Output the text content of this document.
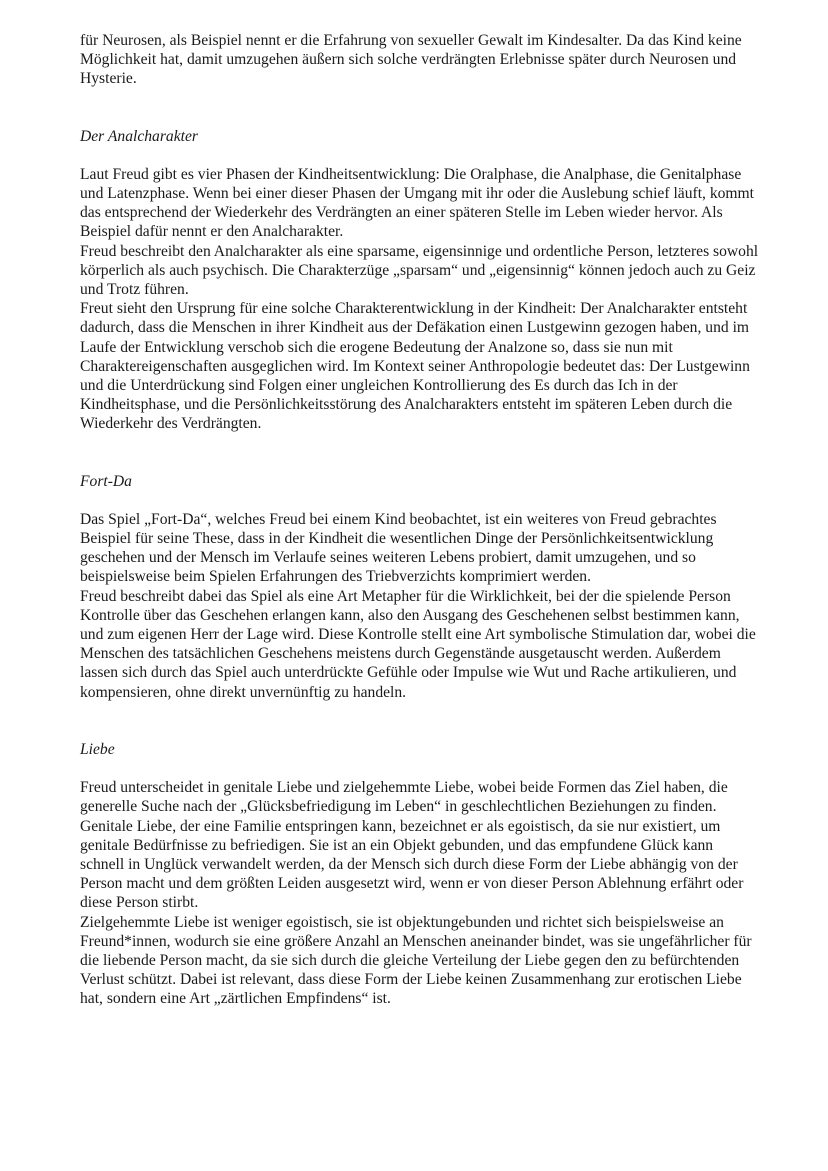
für Neurosen, als Beispiel nennt er die Erfahrung von sexueller Gewalt im Kindesalter. Da das Kind keine Möglichkeit hat, damit umzugehen äußern sich solche verdrängten Erlebnisse später durch Neurosen und Hysterie.

Der Analcharakter

Laut Freud gibt es vier Phasen der Kindheitsentwicklung: Die Oralphase, die Analphase, die Genitalphase und Latenzphase. Wenn bei einer dieser Phasen der Umgang mit ihr oder die Auslebung schief läuft, kommt das entsprechend der Wiederkehr des Verdrängten an einer späteren Stelle im Leben wieder hervor. Als Beispiel dafür nennt er den Analcharakter.

Freud beschreibt den Analcharakter als eine sparsame, eigensinnige und ordentliche Person, letzteres sowohl körperlich als auch psychisch. Die Charakterzüge „sparsam“ und „eigensinnig“ können jedoch auch zu Geiz und Trotz führen.

Freut sieht den Ursprung für eine solche Charakterentwicklung in der Kindheit: Der Analcharakter entsteht dadurch, dass die Menschen in ihrer Kindheit aus der Defäkation einen Lustgewinn gezogen haben, und im Laufe der Entwicklung verschob sich die erogene Bedeutung der Analzone so, dass sie nun mit Charaktereigenschaften ausgeglichen wird. Im Kontext seiner Anthropologie bedeutet das: Der Lustgewinn und die Unterdrückung sind Folgen einer ungleichen Kontrollierung des Es durch das Ich in der Kindheitsphase, und die Persönlichkeitsstörung des Analcharakters entsteht im späteren Leben durch die Wiederkehr des Verdrängten.

Fort-Da

Das Spiel „Fort-Da“, welches Freud bei einem Kind beobachtet, ist ein weiteres von Freud gebrachtes Beispiel für seine These, dass in der Kindheit die wesentlichen Dinge der Persönlichkeitsentwicklung geschehen und der Mensch im Verlaufe seines weiteren Lebens probiert, damit umzugehen, und so beispielsweise beim Spielen Erfahrungen des Triebverzichts komprimiert werden.

Freud beschreibt dabei das Spiel als eine Art Metapher für die Wirklichkeit, bei der die spielende Person Kontrolle über das Geschehen erlangen kann, also den Ausgang des Geschehenen selbst bestimmen kann, und zum eigenen Herr der Lage wird. Diese Kontrolle stellt eine Art symbolische Stimulation dar, wobei die Menschen des tatsächlichen Geschehens meistens durch Gegenstände ausgetauscht werden. Außerdem lassen sich durch das Spiel auch unterdrückte Gefühle oder Impulse wie Wut und Rache artikulieren, und kompensieren, ohne direkt unvernünftig zu handeln.

Liebe

Freud unterscheidet in genitale Liebe und zielgehemmte Liebe, wobei beide Formen das Ziel haben, die generelle Suche nach der „Glücksbefriedigung im Leben“ in geschlechtlichen Beziehungen zu finden.

Genitale Liebe, der eine Familie entspringen kann, bezeichnet er als egoistisch, da sie nur existiert, um genitale Bedürfnisse zu befriedigen. Sie ist an ein Objekt gebunden, und das empfundene Glück kann schnell in Unglück verwandelt werden, da der Mensch sich durch diese Form der Liebe abhängig von der Person macht und dem größten Leiden ausgesetzt wird, wenn er von dieser Person Ablehnung erfährt oder diese Person stirbt.

Zielgehemmte Liebe ist weniger egoistisch, sie ist objektungebunden und richtet sich beispielsweise an Freund*innen, wodurch sie eine größere Anzahl an Menschen aneinander bindet, was sie ungefährlicher für die liebende Person macht, da sie sich durch die gleiche Verteilung der Liebe gegen den zu befürchtenden Verlust schützt. Dabei ist relevant, dass diese Form der Liebe keinen Zusammenhang zur erotischen Liebe hat, sondern eine Art „zärtlichen Empfindens“ ist.
